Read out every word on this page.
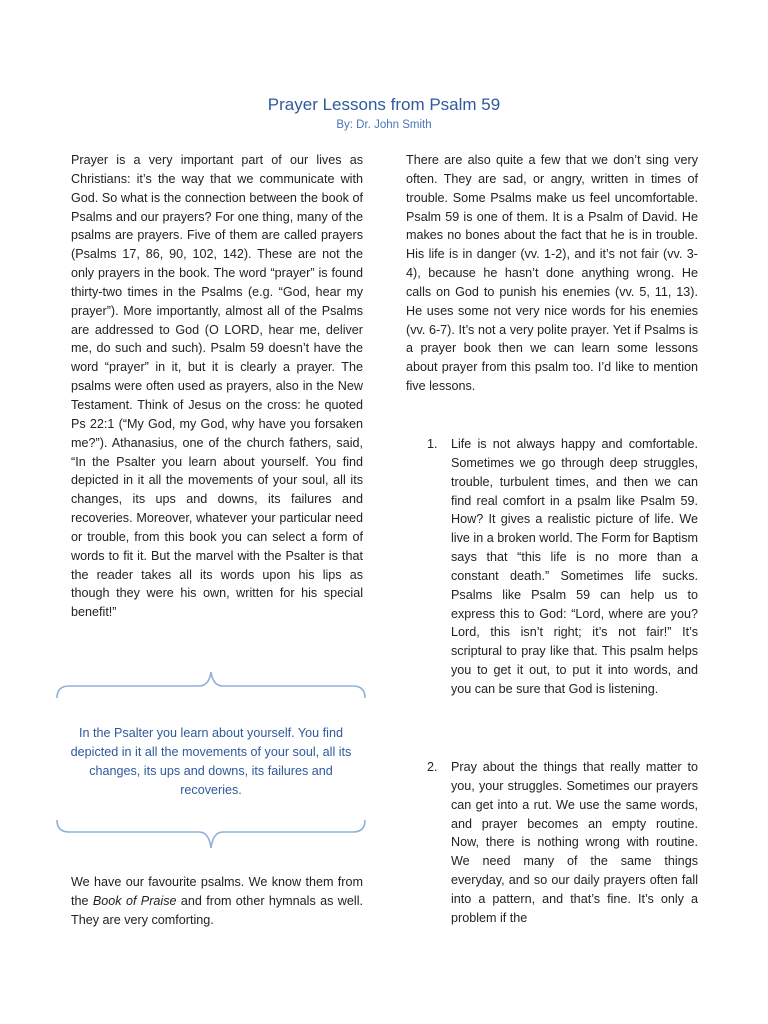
Prayer Lessons from Psalm 59
By: Dr. John Smith

Prayer is a very important part of our lives as Christians: it’s the way that we communicate with God. So what is the connection between the book of Psalms and our prayers? For one thing, many of the psalms are prayers. Five of them are called prayers (Psalms 17, 86, 90, 102, 142). These are not the only prayers in the book. The word “prayer” is found thirty-two times in the Psalms (e.g. “God, hear my prayer”). More importantly, almost all of the Psalms are addressed to God (O LORD, hear me, deliver me, do such and such). Psalm 59 doesn’t have the word “prayer” in it, but it is clearly a prayer. The psalms were often used as prayers, also in the New Testament. Think of Jesus on the cross: he quoted Ps 22:1 (“My God, my God, why have you forsaken me?”). Athanasius, one of the church fathers, said, “In the Psalter you learn about yourself. You find depicted in it all the movements of your soul, all its changes, its ups and downs, its failures and recoveries. Moreover, whatever your particular need or trouble, from this book you can select a form of words to fit it. But the marvel with the Psalter is that the reader takes all its words upon his lips as though they were his own, written for his special benefit!”

In the Psalter you learn about yourself. You find depicted in it all the movements of your soul, all its changes, its ups and downs, its failures and recoveries.

We have our favourite psalms. We know them from the Book of Praise and from other hymnals as well. They are very comforting.

There are also quite a few that we don’t sing very often. They are sad, or angry, written in times of trouble. Some Psalms make us feel uncomfortable. Psalm 59 is one of them. It is a Psalm of David. He makes no bones about the fact that he is in trouble. His life is in danger (vv. 1-2), and it’s not fair (vv. 3-4), because he hasn’t done anything wrong. He calls on God to punish his enemies (vv. 5, 11, 13). He uses some not very nice words for his enemies (vv. 6-7). It’s not a very polite prayer. Yet if Psalms is a prayer book then we can learn some lessons about prayer from this psalm too. I’d like to mention five lessons.

1. Life is not always happy and comfortable. Sometimes we go through deep struggles, trouble, turbulent times, and then we can find real comfort in a psalm like Psalm 59. How? It gives a realistic picture of life. We live in a broken world. The Form for Baptism says that “this life is no more than a constant death.” Sometimes life sucks. Psalms like Psalm 59 can help us to express this to God: “Lord, where are you? Lord, this isn’t right; it’s not fair!” It’s scriptural to pray like that. This psalm helps you to get it out, to put it into words, and you can be sure that God is listening.
2. Pray about the things that really matter to you, your struggles. Sometimes our prayers can get into a rut. We use the same words, and prayer becomes an empty routine. Now, there is nothing wrong with routine. We need many of the same things everyday, and so our daily prayers often fall into a pattern, and that’s fine. It’s only a problem if the
